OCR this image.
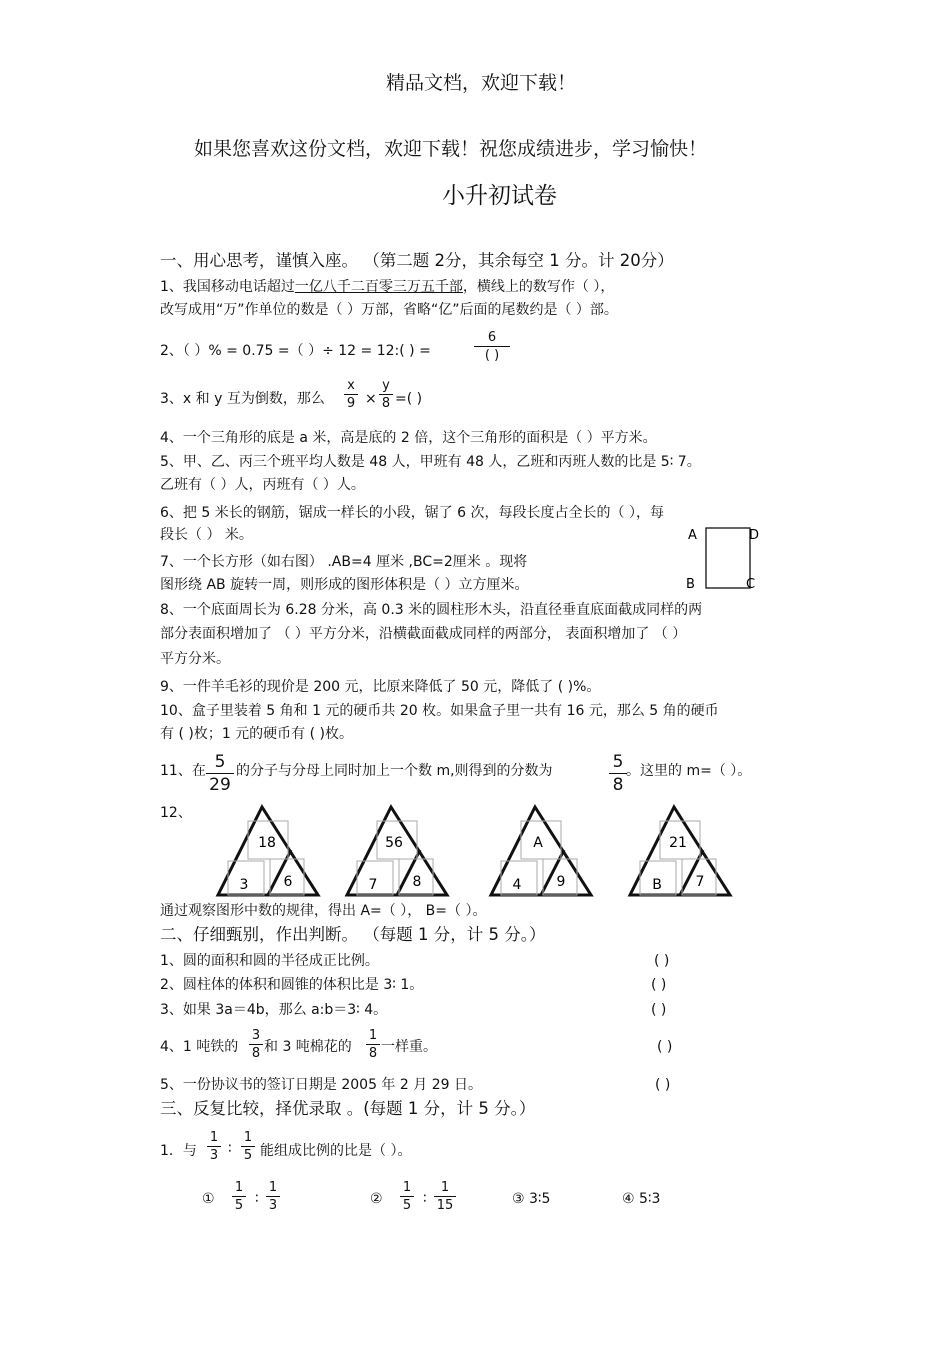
精品文档，欢迎下载！
如果您喜欢这份文档，欢迎下载！祝您成绩进步，学习愉快！
小升初试卷
一、用心思考，谨慎入座。 （第二题 2分，其余每空 1 分。计 20分）
1、我国移动电话超过一亿八千二百零三万五千部，横线上的数写作（ ），
改写成用“万”作单位的数是（ ）万部，省略“亿”后面的尾数约是（ ）部。
2、（ ）% = 0.75 =（ ）÷ 12 = 12:( ) =
6
( )
3、x 和 y 互为倒数，那么
x
9 ×
y
8 =( )
4、一个三角形的底是 a 米，高是底的 2 倍，这个三角形的面积是（ ）平方米。
5、甲、乙、丙三个班平均人数是 48 人，甲班有 48 人，乙班和丙班人数的比是 5∶ 7。
乙班有（ ）人，丙班有（ ）人。
6、把 5 米长的钢筋，锯成一样长的小段，锯了 6 次，每段长度占全长的（ ），每
段长（ ） 米。	A	D
B	C
7、一个长方形（如右图） .AB=4 厘米 ,BC=2厘米 。现将
图形绕 AB 旋转一周，则形成的图形体积是（ ）立方厘米。
8、一个底面周长为 6.28 分米，高 0.3 米的圆柱形木头，沿直径垂直底面截成同样的两
部分表面积增加了 （ ）平方分米，沿横截面截成同样的两部分， 表面积增加了 （ ）
平方分米。
9、一件羊毛衫的现价是 200 元，比原来降低了 50 元，降低了 ( )%。
10、盒子里装着 5 角和 1 元的硬币共 20 枚。如果盒子里一共有 16 元，那么 5 角的硬币
有 ( )枚；1 元的硬币有 ( )枚。
11、在 5
29
的分子与分母上同时加上一个数 m,则得到的分数为	5
8
。这里的 m=（ ）。
12、
18
3	6
56
7	8
A
4	9
21
B 7
通过观察图形中数的规律，得出 A=（ ）， B=（ ）。
二、仔细甄别，作出判断。 （每题 1 分，计 5 分。）
1、圆的面积和圆的半径成正比例。	( )
2、圆柱体的体积和圆锥的体积比是 3∶ 1。	( )
3、如果 3a＝4b，那么 a:b＝3∶ 4。	( )
4、1 吨铁的
3
8 和 3 吨棉花的
1
8 一样重。	( )
5、一份协议书的签订日期是 2005 年 2 月 29 日。	( )
三、反复比较，择优录取 。(每题 1 分，计 5 分。）
1．与
1
3 ∶
1
5 能组成比例的比是（ ）。
①
1
5 ∶
1
3	②
1
5 ∶
1
15	③ 3∶5	④ 5∶3
